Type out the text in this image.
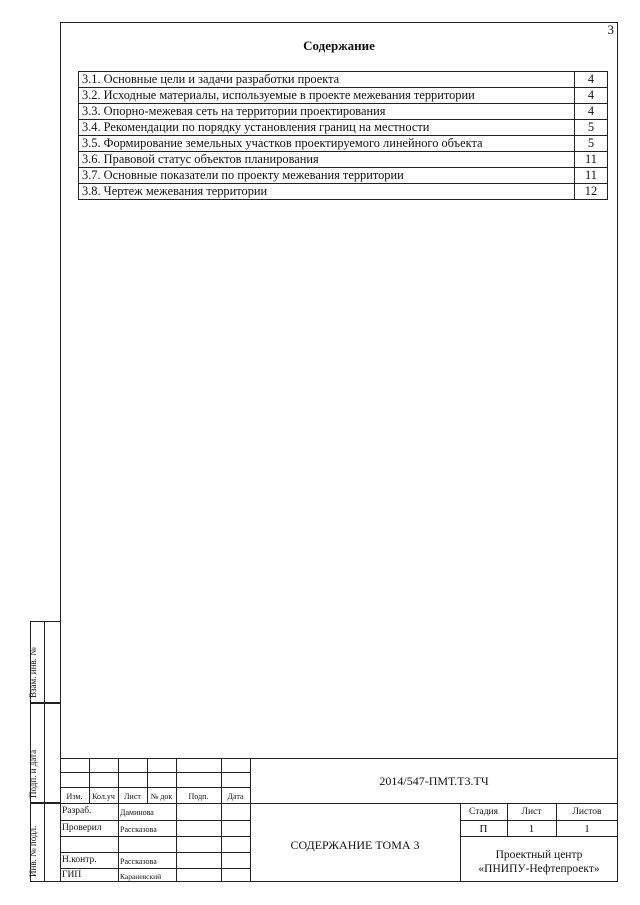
3
Содержание
3.1. Основные цели и задачи разработки проекта	4
3.2. Исходные материалы, используемые в проекте межевания территории	4
3.3. Опорно-межевая сеть на территории проектирования	4
3.4. Рекомендации по порядку установления границ на местности	5
3.5. Формирование земельных участков проектируемого линейного объекта	5
3.6. Правовой статус объектов планирования	11
3.7. Основные показатели по проекту межевания территории	11
3.8. Чертеж межевания территории	12
Взам. инв. №
Подп. и дата
Инв. № подл.
2014/547-ПМТ.Т3.ТЧ
Изм.	Кол.уч	Лист	№ док	Подп.	Дата
Разраб.	Даминова
Проверил Рассказова
Н.контр.	Рассказова
ГИП	Караневский
СОДЕРЖАНИЕ ТОМА 3
Стадия	Лист	Листов
П	1	1
Проектный центр
«ПНИПУ-Нефтепроект»
